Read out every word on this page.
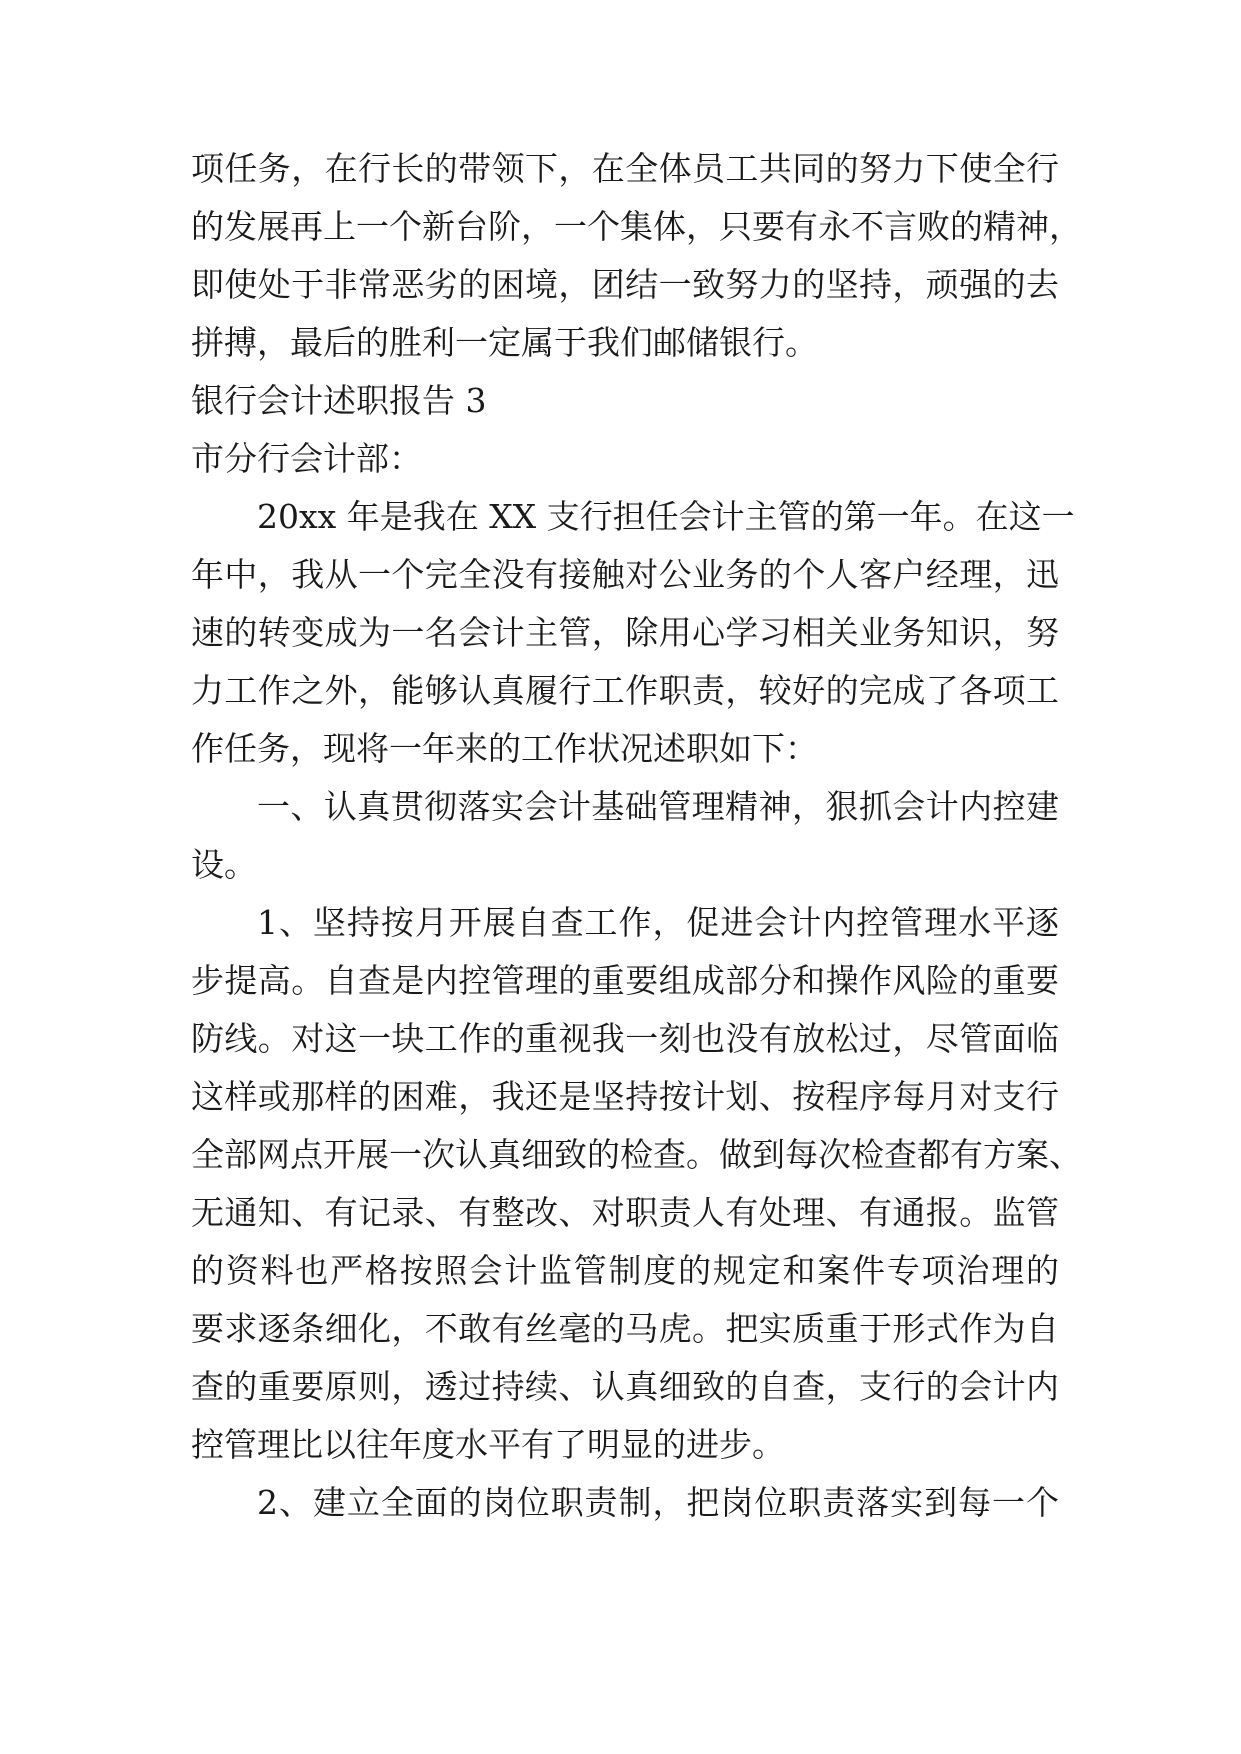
项任务，在行长的带领下，在全体员工共同的努力下使全行
的发展再上一个新台阶，一个集体，只要有永不言败的精神，
即使处于非常恶劣的困境，团结一致努力的坚持，顽强的去
拼搏，最后的胜利一定属于我们邮储银行。
银行会计述职报告 3
市分行会计部：
20xx 年是我在 XX 支行担任会计主管的第一年。在这一
年中，我从一个完全没有接触对公业务的个人客户经理，迅
速的转变成为一名会计主管，除用心学习相关业务知识，努
力工作之外，能够认真履行工作职责，较好的完成了各项工
作任务，现将一年来的工作状况述职如下：
一、认真贯彻落实会计基础管理精神，狠抓会计内控建
设。
1、坚持按月开展自查工作，促进会计内控管理水平逐
步提高。自查是内控管理的重要组成部分和操作风险的重要
防线。对这一块工作的重视我一刻也没有放松过，尽管面临
这样或那样的困难，我还是坚持按计划、按程序每月对支行
全部网点开展一次认真细致的检查。做到每次检查都有方案、
无通知、有记录、有整改、对职责人有处理、有通报。监管
的资料也严格按照会计监管制度的规定和案件专项治理的
要求逐条细化，不敢有丝毫的马虎。把实质重于形式作为自
查的重要原则，透过持续、认真细致的自查，支行的会计内
控管理比以往年度水平有了明显的进步。
2、建立全面的岗位职责制，把岗位职责落实到每一个
